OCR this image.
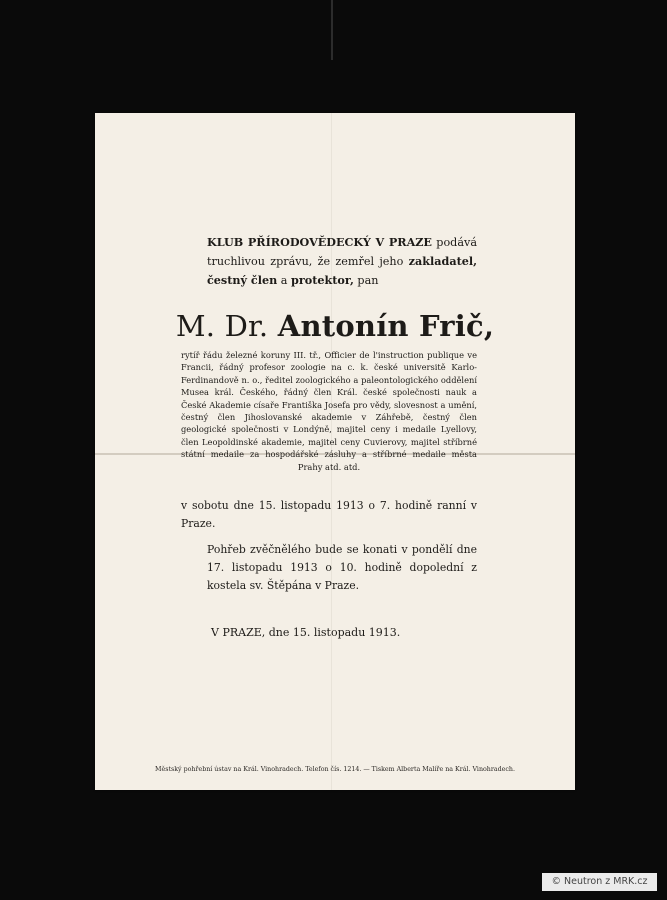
KLUB PŘÍRODOVĚDECKÝ V PRAZE podává truchlivou zprávu, že zemřel jeho zakladatel, čestný člen a protektor, pan
M. Dr. Antonín Frič,
rytíř řádu železné koruny III. tř., Officier de l'instruction publique ve Francii, řádný profesor zoologie na c. k. české universitě Karlo-Ferdinandově n. o., ředitel zoologického a paleontologického oddělení Musea král. Českého, řádný člen Král. české společnosti nauk a České Akademie císaře Františka Josefa pro vědy, slovesnost a umění, čestný člen Jihoslovanské akademie v Záhřebě, čestný člen geologické společnosti v Londýně, majitel ceny i medaile Lyellovy, člen Leopoldinské akademie, majitel ceny Cuvierovy, majitel stříbrné státní medaile za hospodářské zásluhy a stříbrné medaile města Prahy atd. atd.
v sobotu dne 15. listopadu 1913 o 7. hodině ranní v Praze.
Pohřeb zvěčnělého bude se konati v pondělí dne 17. listopadu 1913 o 10. hodině dopolední z kostela sv. Štěpána v Praze.
V PRAZE, dne 15. listopadu 1913.
Městský pohřební ústav na Král. Vinohradech. Telefon čís. 1214. — Tiskem Alberta Malíře na Král. Vinohradech.
© Neutron z MRK.cz
